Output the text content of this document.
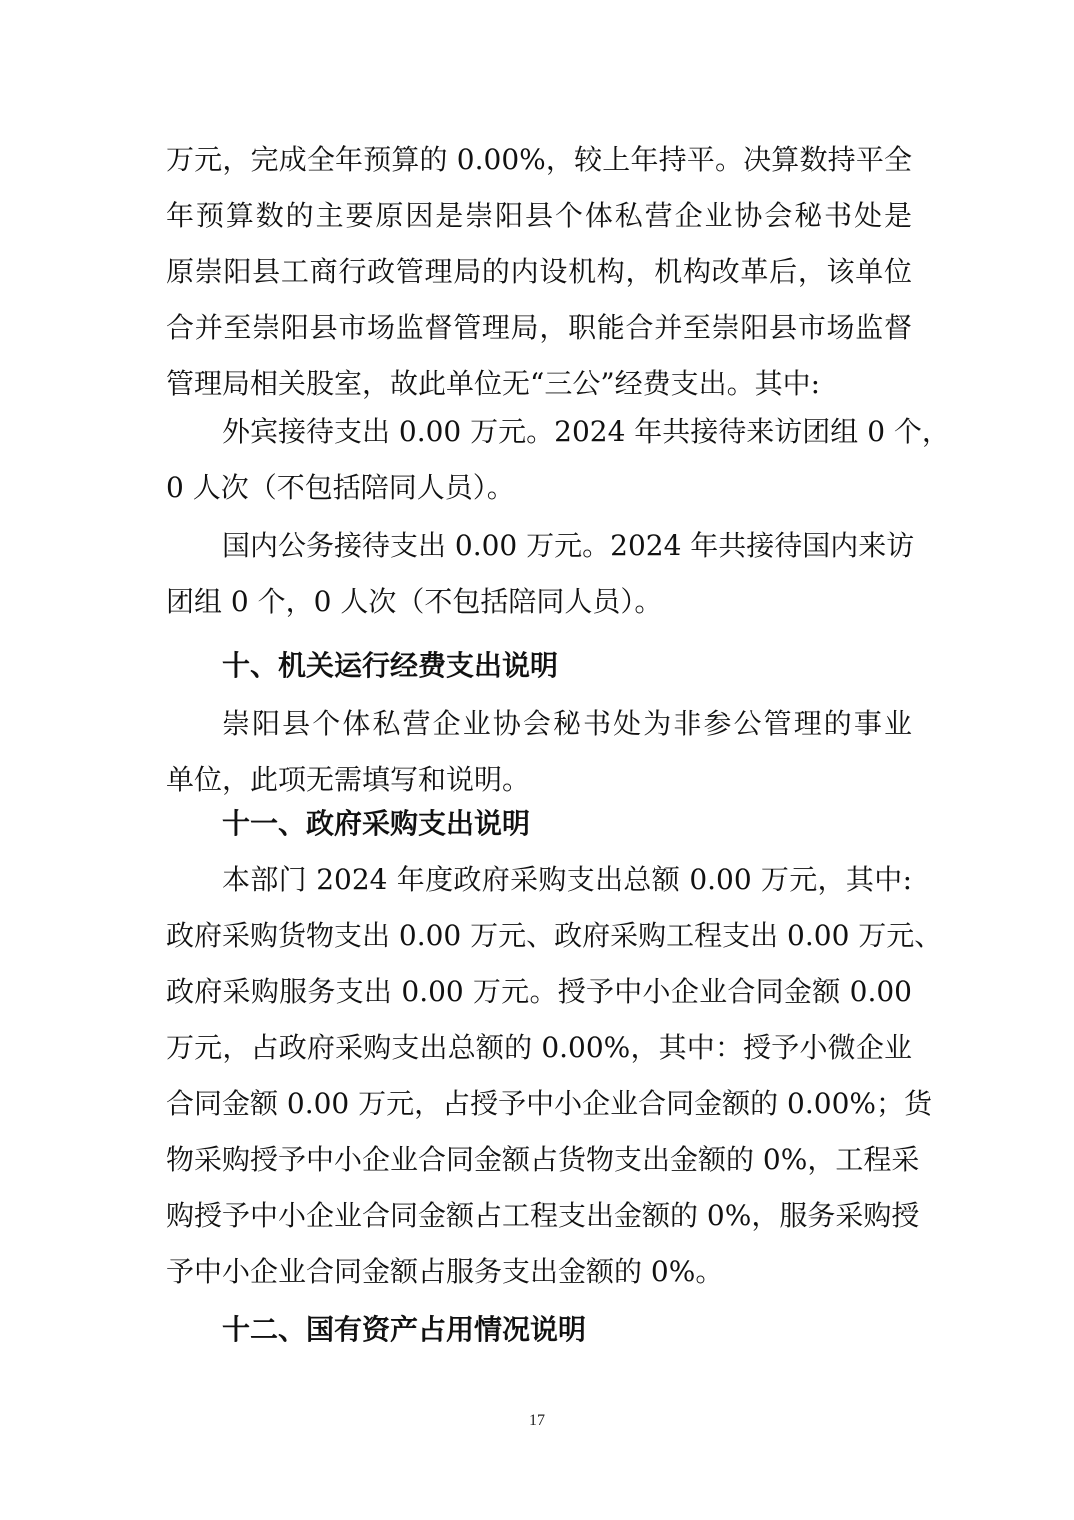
万元，完成全年预算的 0.00%，较上年持平。决算数持平全
年预算数的主要原因是崇阳县个体私营企业协会秘书处是
原崇阳县工商行政管理局的内设机构，机构改革后，该单位
合并至崇阳县市场监督管理局，职能合并至崇阳县市场监督
管理局相关股室，故此单位无“三公”经费支出。其中:
外宾接待支出 0.00 万元。2024 年共接待来访团组 0 个，
0 人次（不包括陪同人员）。
国内公务接待支出 0.00 万元。2024 年共接待国内来访
团组 0 个，0 人次（不包括陪同人员）。
十、机关运行经费支出说明
崇阳县个体私营企业协会秘书处为非参公管理的事业
单位，此项无需填写和说明。
十一、政府采购支出说明
本部门 2024 年度政府采购支出总额 0.00 万元，其中:
政府采购货物支出 0.00 万元、政府采购工程支出 0.00 万元、
政府采购服务支出 0.00 万元。授予中小企业合同金额 0.00
万元，占政府采购支出总额的 0.00%，其中：授予小微企业
合同金额 0.00 万元，占授予中小企业合同金额的 0.00%；货
物采购授予中小企业合同金额占货物支出金额的 0%，工程采
购授予中小企业合同金额占工程支出金额的 0%，服务采购授
予中小企业合同金额占服务支出金额的 0%。
十二、国有资产占用情况说明
17
